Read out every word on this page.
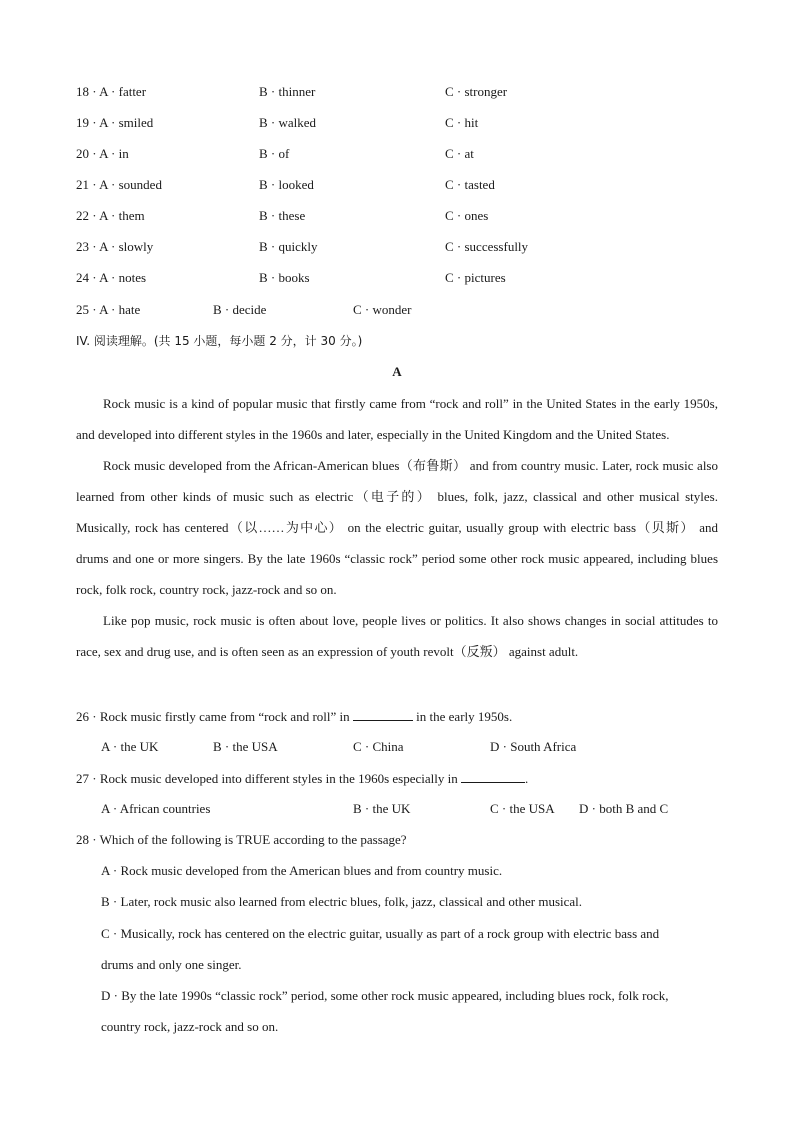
18 · A · fatter	B · thinner	C · stronger
19 · A · smiled	B · walked	C · hit
20 · A · in	B · of	C · at
21 · A · sounded	B · looked	C · tasted
22 · A · them	B · these	C · ones
23 · A · slowly	B · quickly	C · successfully
24 · A · notes	B · books	C · pictures
25 · A · hate	B · decide	C · wonder
IV. 阅读理解。(共 15 小题，每小题 2 分，计 30 分。)
A

Rock music is a kind of popular music that firstly came from “rock and roll” in the United States in the early 1950s, and developed into different styles in the 1960s and later, especially in the United Kingdom and the United States.

Rock music developed from the African-American blues（布鲁斯） and from country music. Later, rock music also learned from other kinds of music such as electric（电子的） blues, folk, jazz, classical and other musical styles. Musically, rock has centered（以……为中心） on the electric guitar, usually group with electric bass（贝斯） and drums and one or more singers. By the late 1960s “classic rock” period some other rock music appeared, including blues rock, folk rock, country rock, jazz-rock and so on.

Like pop music, rock music is often about love, people lives or politics. It also shows changes in social attitudes to race, sex and drug use, and is often seen as an expression of youth revolt（反叛） against adult.

26 · Rock music firstly came from “rock and roll” in	in the early 1950s.
A · the UK	B · the USA	C · China	D · South Africa
27 · Rock music developed into different styles in the 1960s especially in	.
A · African countries	B · the UK	C · the USA D · both B and C
28 · Which of the following is TRUE according to the passage?
A · Rock music developed from the American blues and from country music.
B · Later, rock music also learned from electric blues, folk, jazz, classical and other musical.
C · Musically, rock has centered on the electric guitar, usually as part of a rock group with electric bass and
drums and only one singer.
D · By the late 1990s “classic rock” period, some other rock music appeared, including blues rock, folk rock,
country rock, jazz-rock and so on.
